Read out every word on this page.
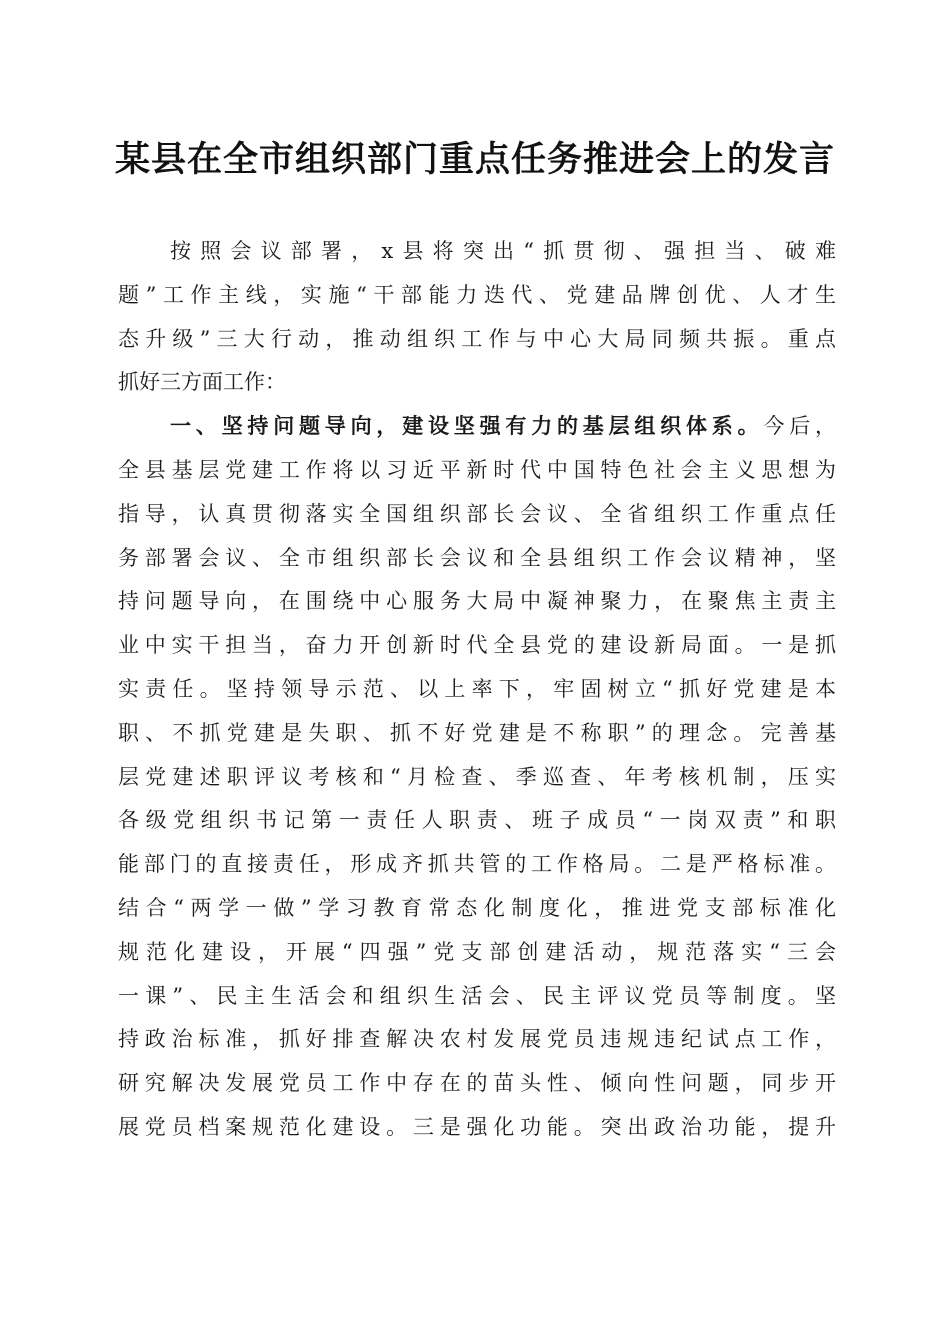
某县在全市组织部门重点任务推进会上的发言
按照会议部署，x县将突出“抓贯彻、强担当、破难
题”工作主线，实施“干部能力迭代、党建品牌创优、人才生
态升级”三大行动，推动组织工作与中心大局同频共振。重点
抓好三方面工作：
一、坚持问题导向，建设坚强有力的基层组织体系。今后，
全县基层党建工作将以习近平新时代中国特色社会主义思想为
指导，认真贯彻落实全国组织部长会议、全省组织工作重点任
务部署会议、全市组织部长会议和全县组织工作会议精神，坚
持问题导向，在围绕中心服务大局中凝神聚力，在聚焦主责主
业中实干担当，奋力开创新时代全县党的建设新局面。一是抓
实责任。坚持领导示范、以上率下，牢固树立“抓好党建是本
职、不抓党建是失职、抓不好党建是不称职”的理念。完善基
层党建述职评议考核和“月检查、季巡查、年考核机制，压实
各级党组织书记第一责任人职责、班子成员“一岗双责”和职
能部门的直接责任，形成齐抓共管的工作格局。二是严格标准。
结合“两学一做”学习教育常态化制度化，推进党支部标准化
规范化建设，开展“四强”党支部创建活动，规范落实“三会
一课”、民主生活会和组织生活会、民主评议党员等制度。坚
持政治标准，抓好排查解决农村发展党员违规违纪试点工作，
研究解决发展党员工作中存在的苗头性、倾向性问题，同步开
展党员档案规范化建设。三是强化功能。突出政治功能，提升
